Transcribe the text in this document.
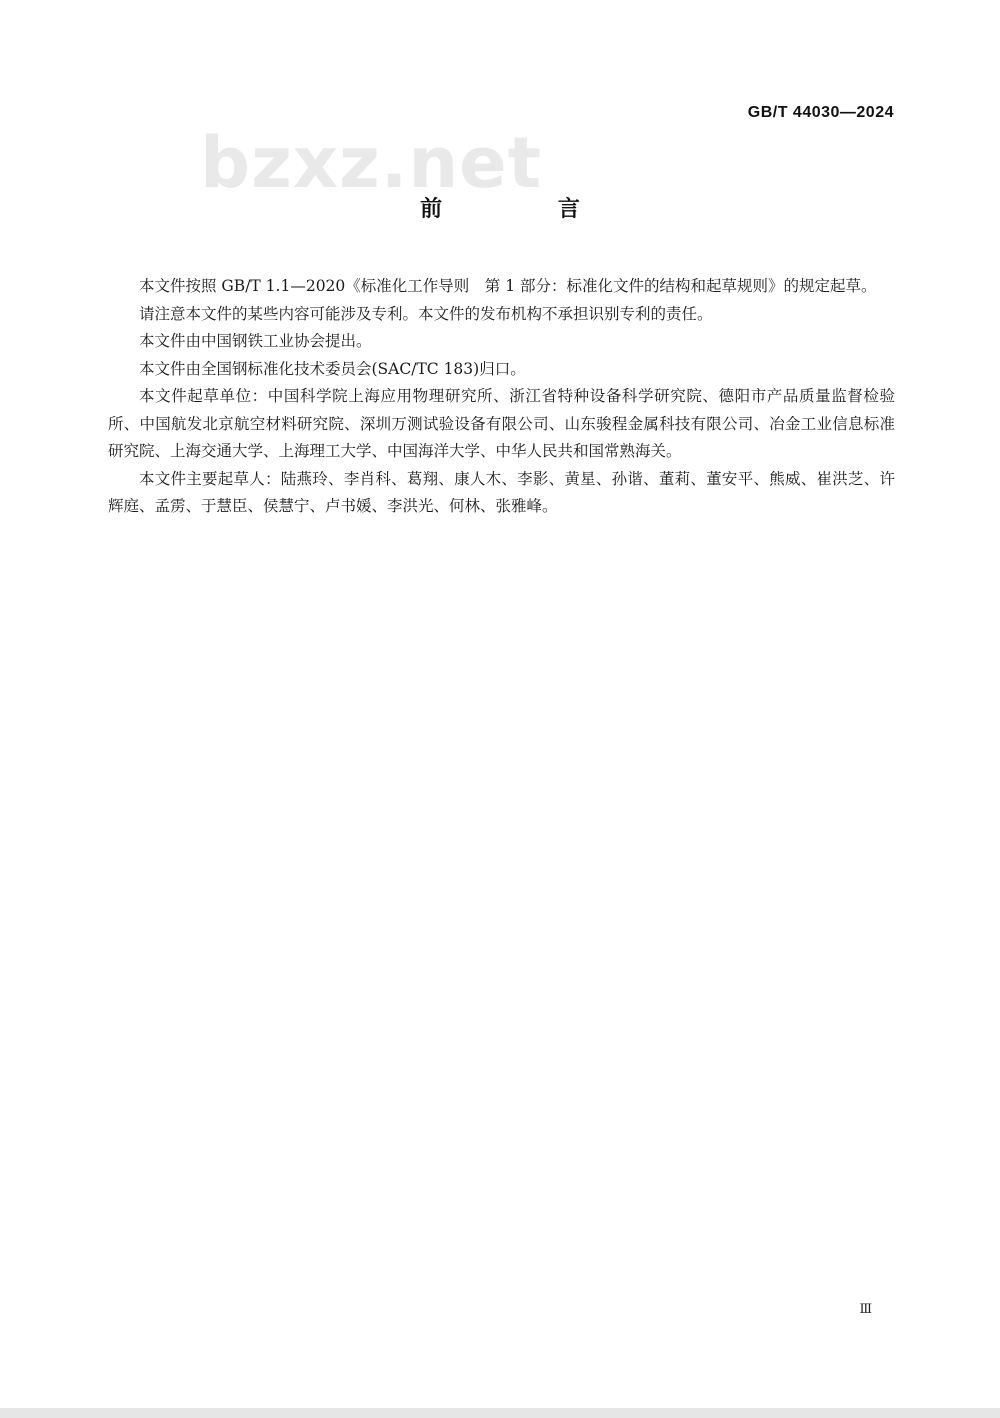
bzxz.net
GB/T 44030—2024
前 言

本文件按照 GB/T 1.1—2020《标准化工作导则　第 1 部分：标准化文件的结构和起草规则》的规定起草。

请注意本文件的某些内容可能涉及专利。本文件的发布机构不承担识别专利的责任。

本文件由中国钢铁工业协会提出。

本文件由全国钢标准化技术委员会(SAC/TC 183)归口。

本文件起草单位：中国科学院上海应用物理研究所、浙江省特种设备科学研究院、德阳市产品质量监督检验所、中国航发北京航空材料研究院、深圳万测试验设备有限公司、山东骏程金属科技有限公司、冶金工业信息标准研究院、上海交通大学、上海理工大学、中国海洋大学、中华人民共和国常熟海关。

本文件主要起草人：陆燕玲、李肖科、葛翔、康人木、李影、黄星、孙谐、董莉、董安平、熊威、崔洪芝、许辉庭、孟雳、于慧臣、侯慧宁、卢书媛、李洪光、何林、张雅峰。

Ⅲ
